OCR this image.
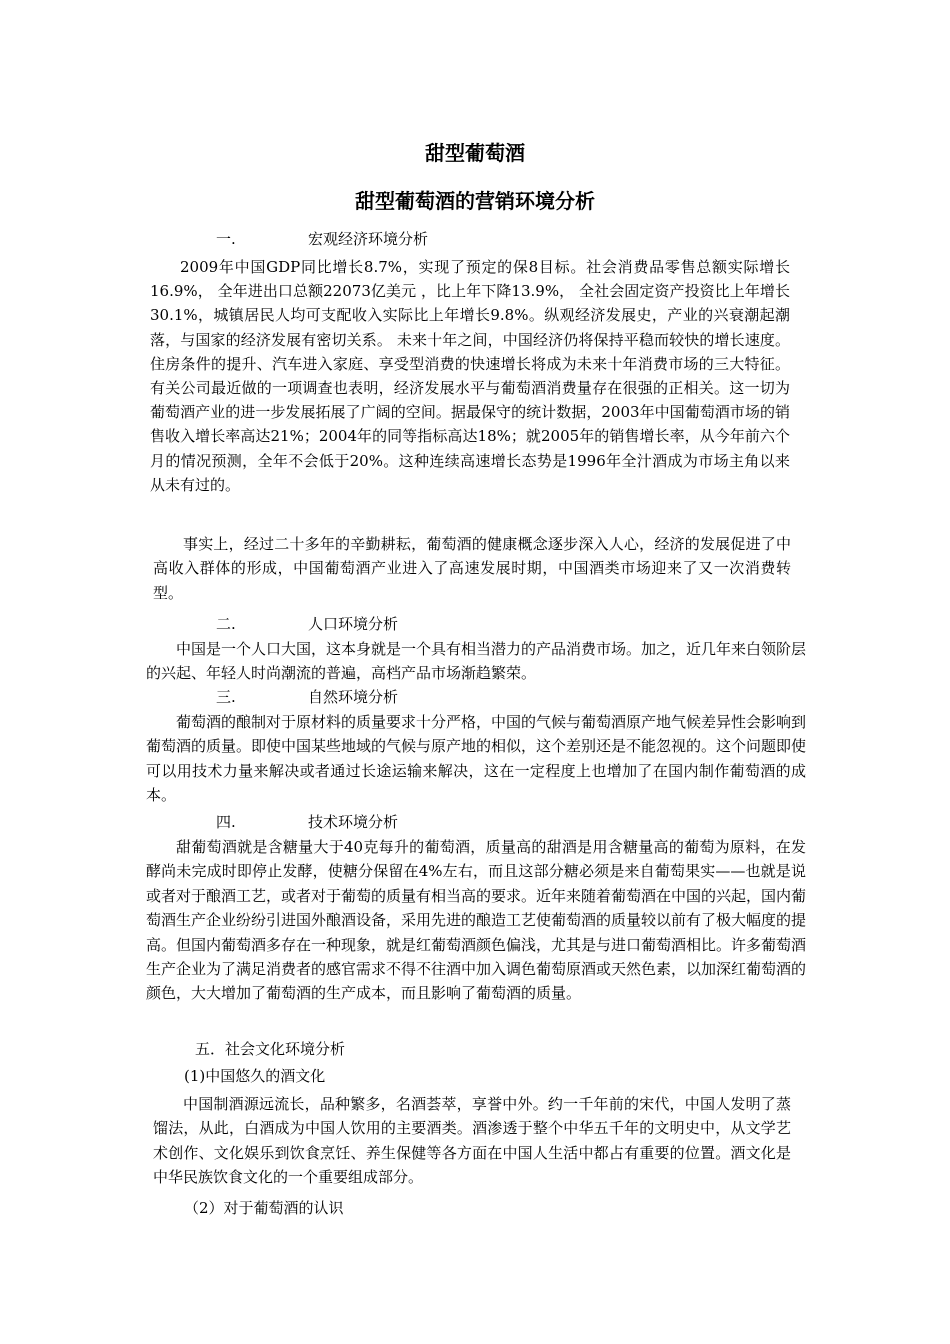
甜型葡萄酒
甜型葡萄酒的营销环境分析
一.	宏观经济环境分析

2009年中国GDP同比增长8.7%，实现了预定的保8目标。社会消费品零售总额实际增长16.9%， 全年进出口总额22073亿美元 ，比上年下降13.9%， 全社会固定资产投资比上年增长30.1%，城镇居民人均可支配收入实际比上年增长9.8%。纵观经济发展史，产业的兴衰潮起潮落，与国家的经济发展有密切关系。 未来十年之间，中国经济仍将保持平稳而较快的增长速度。住房条件的提升、汽车进入家庭、享受型消费的快速增长将成为未来十年消费市场的三大特征。有关公司最近做的一项调查也表明，经济发展水平与葡萄酒消费量存在很强的正相关。这一切为葡萄酒产业的进一步发展拓展了广阔的空间。据最保守的统计数据，2003年中国葡萄酒市场的销售收入增长率高达21%；2004年的同等指标高达18%；就2005年的销售增长率，从今年前六个月的情况预测，全年不会低于20%。这种连续高速增长态势是1996年全汁酒成为市场主角以来从未有过的。

事实上，经过二十多年的辛勤耕耘，葡萄酒的健康概念逐步深入人心，经济的发展促进了中高收入群体的形成，中国葡萄酒产业进入了高速发展时期，中国酒类市场迎来了又一次消费转型。

二.	人口环境分析

中国是一个人口大国，这本身就是一个具有相当潜力的产品消费市场。加之，近几年来白领阶层的兴起、年轻人时尚潮流的普遍，高档产品市场渐趋繁荣。

三.	自然环境分析

葡萄酒的酿制对于原材料的质量要求十分严格，中国的气候与葡萄酒原产地气候差异性会影响到葡萄酒的质量。即使中国某些地域的气候与原产地的相似，这个差别还是不能忽视的。这个问题即使可以用技术力量来解决或者通过长途运输来解决，这在一定程度上也增加了在国内制作葡萄酒的成本。

四.	技术环境分析

甜葡萄酒就是含糖量大于40克每升的葡萄酒，质量高的甜酒是用含糖量高的葡萄为原料，在发酵尚未完成时即停止发酵，使糖分保留在4%左右，而且这部分糖必须是来自葡萄果实——也就是说或者对于酿酒工艺，或者对于葡萄的质量有相当高的要求。近年来随着葡萄酒在中国的兴起，国内葡萄酒生产企业纷纷引进国外酿酒设备，采用先进的酿造工艺使葡萄酒的质量较以前有了极大幅度的提高。但国内葡萄酒多存在一种现象，就是红葡萄酒颜色偏浅，尤其是与进口葡萄酒相比。许多葡萄酒生产企业为了满足消费者的感官需求不得不往酒中加入调色葡萄原酒或天然色素，以加深红葡萄酒的颜色，大大增加了葡萄酒的生产成本，而且影响了葡萄酒的质量。

五．社会文化环境分析
(1)中国悠久的酒文化

中国制酒源远流长，品种繁多，名酒荟萃，享誉中外。约一千年前的宋代，中国人发明了蒸馏法，从此，白酒成为中国人饮用的主要酒类。酒渗透于整个中华五千年的文明史中，从文学艺术创作、文化娱乐到饮食烹饪、养生保健等各方面在中国人生活中都占有重要的位置。酒文化是中华民族饮食文化的一个重要组成部分。

（2）对于葡萄酒的认识
